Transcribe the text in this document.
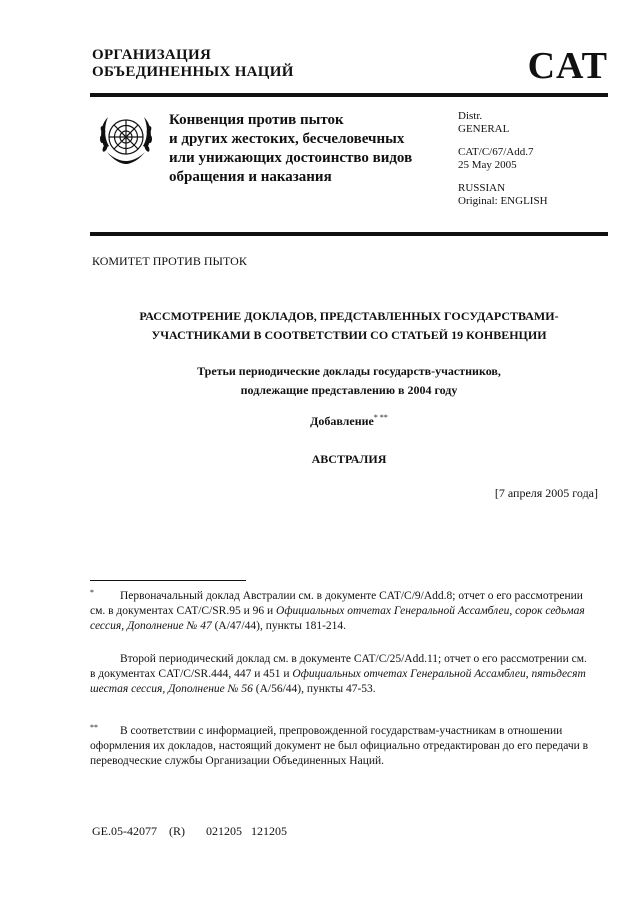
ОРГАНИЗАЦИЯ
ОБЪЕДИНЕННЫХ НАЦИЙ	CAT
Конвенция против пыток
и других жестоких, бесчеловечных
или унижающих достоинство видов
обращения и наказания
Distr.
GENERAL
CAT/C/67/Add.7
25 May 2005
RUSSIAN
Original: ENGLISH
КОМИТЕТ ПРОТИВ ПЫТОК
РАССМОТРЕНИЕ ДОКЛАДОВ, ПРЕДСТАВЛЕННЫХ ГОСУДАРСТВАМИ-
УЧАСТНИКАМИ В СООТВЕТСТВИИ СО СТАТЬЕЙ 19 КОНВЕНЦИИ
Третьи периодические доклады государств-участников,
подлежащие представлению в 2004 году
Добавление* **
АВСТРАЛИЯ
[7 апреля 2005 года]
* Первоначальный доклад Австралии см. в документе CAT/C/9/Add.8; отчет о его рассмотрении см. в документах CAT/C/SR.95 и 96 и Официальных отчетах Генеральной Ассамблеи, сорок седьмая сессия, Дополнение № 47 (A/47/44), пункты 181-214.
Второй периодический доклад см. в документе CAT/C/25/Add.11; отчет о его рассмотрении см. в документах CAT/C/SR.444, 447 и 451 и Официальных отчетах Генеральной Ассамблеи, пятьдесят шестая сессия, Дополнение № 56 (A/56/44), пункты 47-53.
** В соответствии с информацией, препровожденной государствам-участникам в отношении оформления их докладов, настоящий документ не был официально отредактирован до его передачи в переводческие службы Организации Объединенных Наций.
GE.05-42077 (R) 021205   121205
